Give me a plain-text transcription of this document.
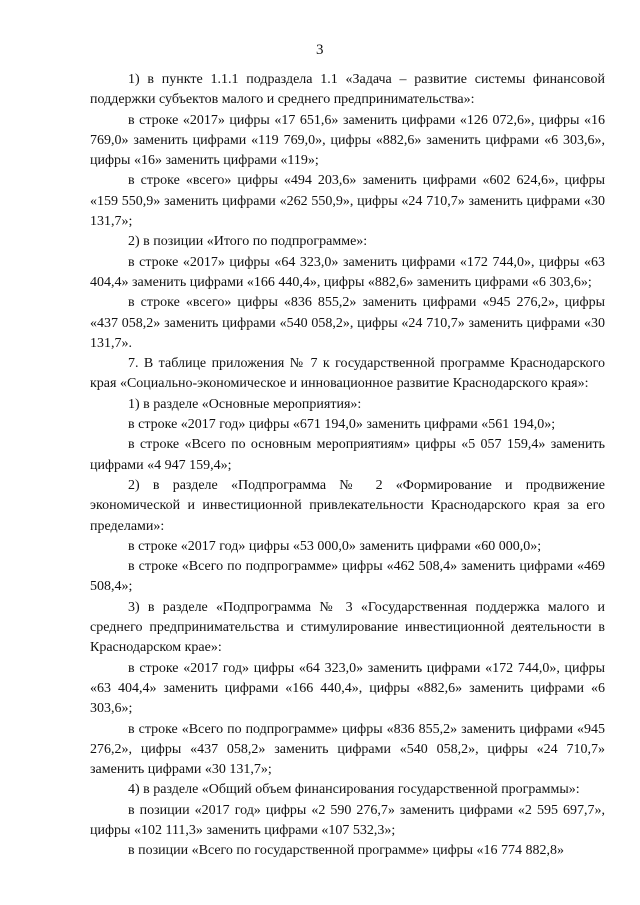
3

1) в пункте 1.1.1 подраздела 1.1 «Задача – развитие системы финансовой поддержки субъектов малого и среднего предпринимательства»:

в строке «2017» цифры «17 651,6» заменить цифрами «126 072,6», цифры «16 769,0» заменить цифрами «119 769,0», цифры «882,6» заменить цифрами «6 303,6», цифры «16» заменить цифрами «119»;

в строке «всего» цифры «494 203,6» заменить цифрами «602 624,6», цифры «159 550,9» заменить цифрами «262 550,9», цифры «24 710,7» заменить цифрами «30 131,7»;

2) в позиции «Итого по подпрограмме»:

в строке «2017» цифры «64 323,0» заменить цифрами «172 744,0», цифры «63 404,4» заменить цифрами «166 440,4», цифры «882,6» заменить цифрами «6 303,6»;

в строке «всего» цифры «836 855,2» заменить цифрами «945 276,2», цифры «437 058,2» заменить цифрами «540 058,2», цифры «24 710,7» заменить цифрами «30 131,7».

7. В таблице приложения № 7 к государственной программе Краснодарского края «Социально-экономическое и инновационное развитие Краснодарского края»:

1) в разделе «Основные мероприятия»:

в строке «2017 год» цифры «671 194,0» заменить цифрами «561 194,0»;

в строке «Всего по основным мероприятиям» цифры «5 057 159,4» заменить цифрами «4 947 159,4»;

2) в разделе «Подпрограмма № 2 «Формирование и продвижение экономической и инвестиционной привлекательности Краснодарского края за его пределами»:

в строке «2017 год» цифры «53 000,0» заменить цифрами «60 000,0»;

в строке «Всего по подпрограмме» цифры «462 508,4» заменить цифрами «469 508,4»;

3) в разделе «Подпрограмма № 3 «Государственная поддержка малого и среднего предпринимательства и стимулирование инвестиционной деятельности в Краснодарском крае»:

в строке «2017 год» цифры «64 323,0» заменить цифрами «172 744,0», цифры «63 404,4» заменить цифрами «166 440,4», цифры «882,6» заменить цифрами «6 303,6»;

в строке «Всего по подпрограмме» цифры «836 855,2» заменить цифрами «945 276,2», цифры «437 058,2» заменить цифрами «540 058,2», цифры «24 710,7» заменить цифрами «30 131,7»;

4) в разделе «Общий объем финансирования государственной программы»:

в позиции «2017 год» цифры «2 590 276,7» заменить цифрами «2 595 697,7», цифры «102 111,3» заменить цифрами «107 532,3»;

в позиции «Всего по государственной программе» цифры «16 774 882,8»
